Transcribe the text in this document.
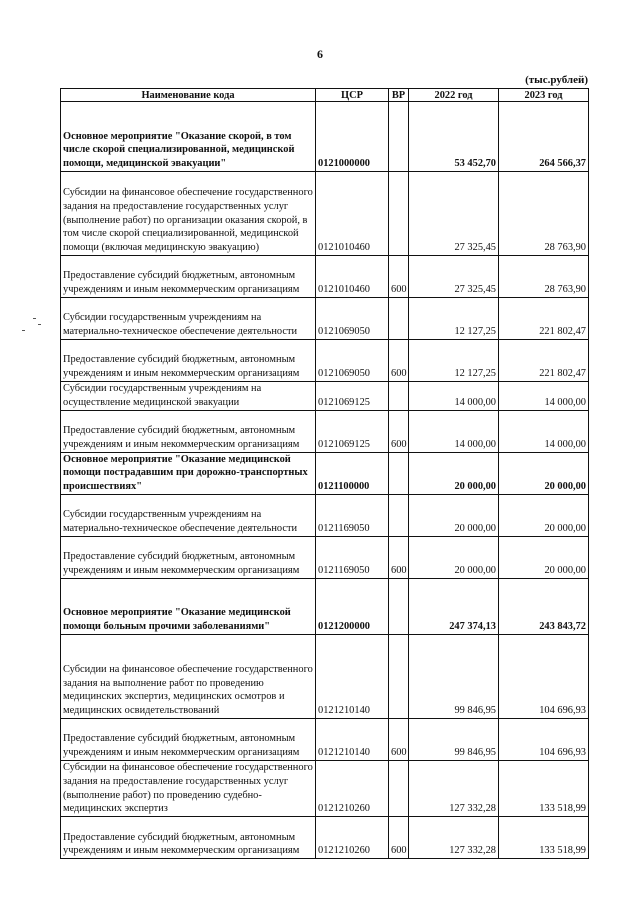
6
(тыс.рублей)
Наименование кода	ЦСР	ВР	2022 год	2023 год
Основное мероприятие "Оказание скорой, в том числе скорой специализированной, медицинской помощи, медицинской эвакуации"	0121000000		53 452,70	264 566,37
Субсидии на финансовое обеспечение государственного задания на предоставление государственных услуг (выполнение работ) по организации оказания скорой, в том числе скорой специализированной, медицинской помощи (включая медицинскую эвакуацию)	0121010460		27 325,45	28 763,90
Предоставление субсидий бюджетным, автономным учреждениям и иным некоммерческим организациям	0121010460	600	27 325,45	28 763,90
Субсидии государственным учреждениям на материально-техническое обеспечение деятельности	0121069050		12 127,25	221 802,47
Предоставление субсидий бюджетным, автономным учреждениям и иным некоммерческим организациям	0121069050	600	12 127,25	221 802,47
Субсидии государственным учреждениям на осуществление медицинской эвакуации	0121069125		14 000,00	14 000,00
Предоставление субсидий бюджетным, автономным учреждениям и иным некоммерческим организациям	0121069125	600	14 000,00	14 000,00
Основное мероприятие "Оказание медицинской помощи пострадавшим при дорожно-транспортных происшествиях"	0121100000		20 000,00	20 000,00
Субсидии государственным учреждениям на материально-техническое обеспечение деятельности	0121169050		20 000,00	20 000,00
Предоставление субсидий бюджетным, автономным учреждениям и иным некоммерческим организациям	0121169050	600	20 000,00	20 000,00
Основное мероприятие "Оказание медицинской помощи больным прочими заболеваниями"	0121200000		247 374,13	243 843,72
Субсидии на финансовое обеспечение государственного задания на выполнение работ по проведению медицинских экспертиз, медицинских осмотров и медицинских освидетельствований	0121210140		99 846,95	104 696,93
Предоставление субсидий бюджетным, автономным учреждениям и иным некоммерческим организациям	0121210140	600	99 846,95	104 696,93
Субсидии на финансовое обеспечение государственного задания на предоставление государственных услуг (выполнение работ) по проведению судебно-медицинских экспертиз	0121210260		127 332,28	133 518,99
Предоставление субсидий бюджетным, автономным учреждениям и иным некоммерческим организациям	0121210260	600	127 332,28	133 518,99
